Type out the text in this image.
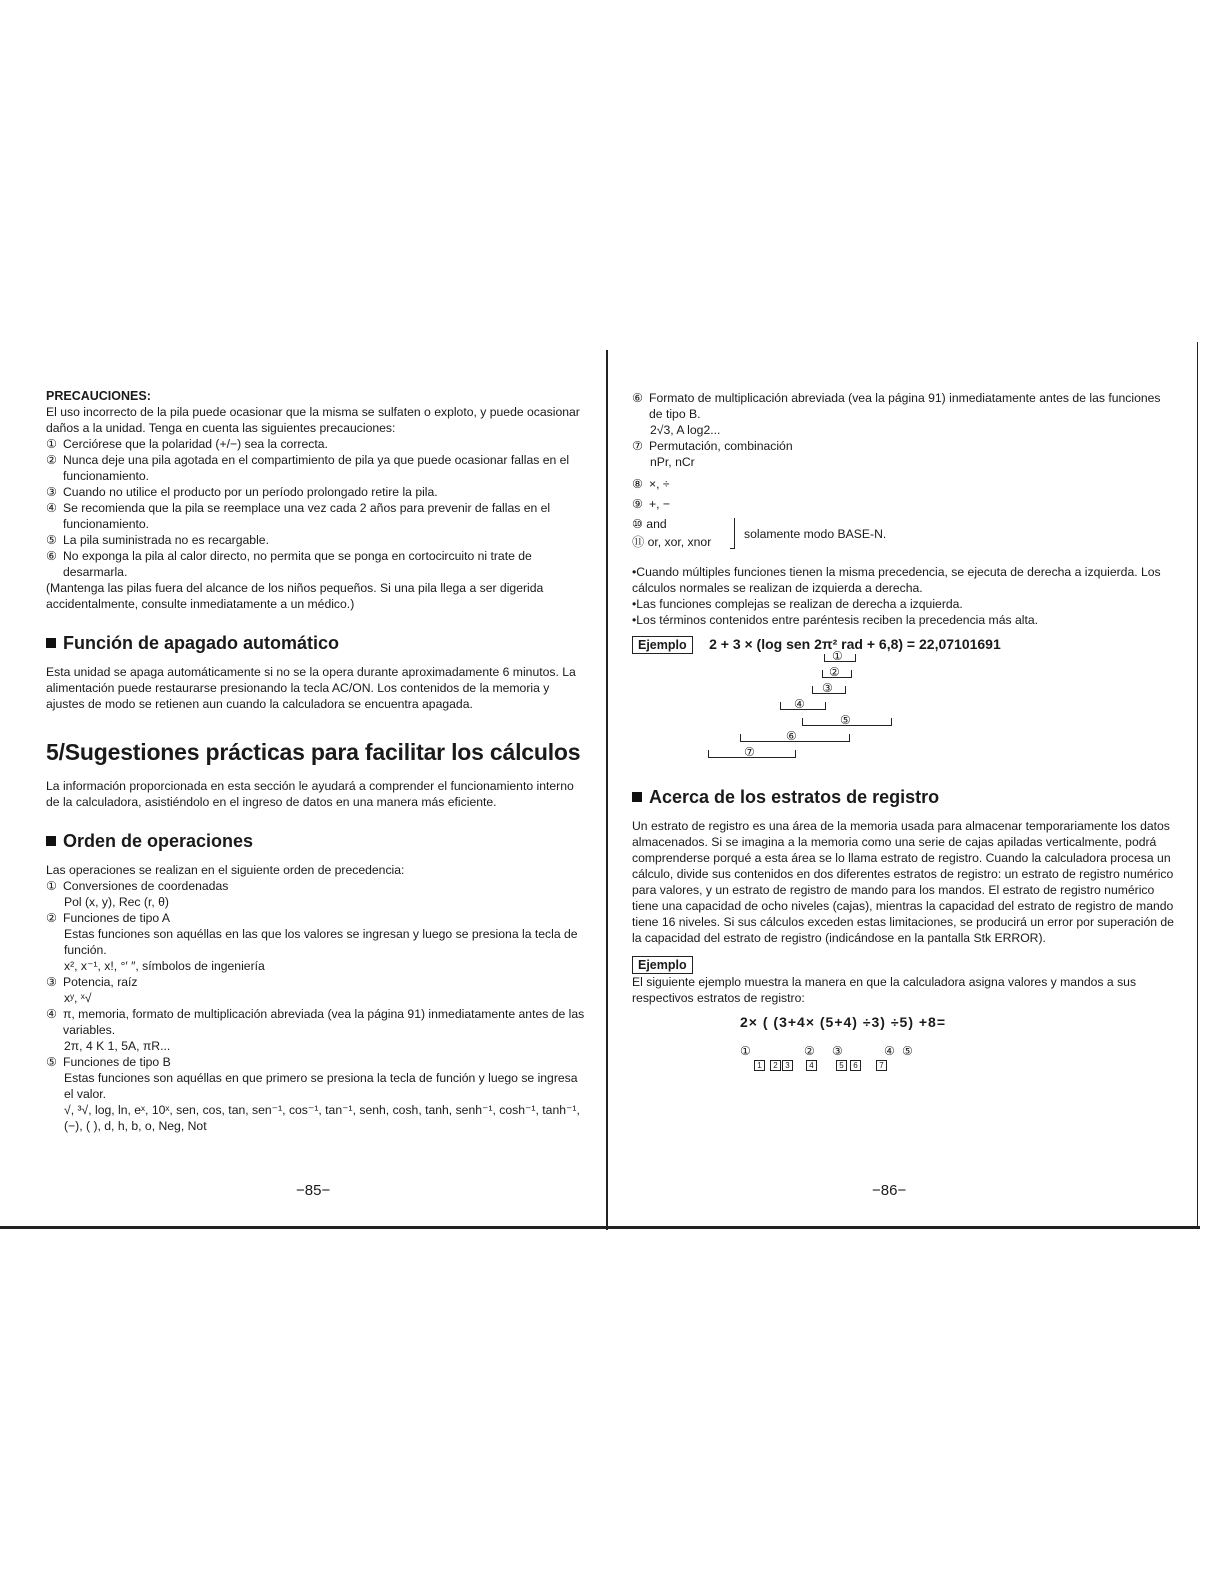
PRECAUCIONES:

El uso incorrecto de la pila puede ocasionar que la misma se sulfaten o exploto, y puede ocasionar daños a la unidad. Tenga en cuenta las siguientes precauciones:

① Cerciórese que la polaridad (+/−) sea la correcta.
② Nunca deje una pila agotada en el compartimiento de pila ya que puede ocasionar fallas en el funcionamiento.
③ Cuando no utilice el producto por un período prolongado retire la pila.
④ Se recomienda que la pila se reemplace una vez cada 2 años para prevenir de fallas en el funcionamiento.
⑤ La pila suministrada no es recargable.
⑥ No exponga la pila al calor directo, no permita que se ponga en cortocircuito ni trate de desarmarla.

(Mantenga las pilas fuera del alcance de los niños pequeños. Si una pila llega a ser digerida accidentalmente, consulte inmediatamente a un médico.)

Función de apagado automático

Esta unidad se apaga automáticamente si no se la opera durante aproximadamente 6 minutos. La alimentación puede restaurarse presionando la tecla AC/ON. Los contenidos de la memoria y ajustes de modo se retienen aun cuando la calculadora se encuentra apagada.

5/Sugestiones prácticas para facilitar los cálculos

La información proporcionada en esta sección le ayudará a comprender el funcionamiento interno de la calculadora, asistiéndolo en el ingreso de datos en una manera más eficiente.

Orden de operaciones

Las operaciones se realizan en el siguiente orden de precedencia:

① Conversiones de coordenadas
Pol (x, y), Rec (r, θ)
② Funciones de tipo A
Estas funciones son aquéllas en las que los valores se ingresan y luego se presiona la tecla de función.
x², x⁻¹, x!, °′ ″, símbolos de ingeniería
③ Potencia, raíz
xʸ, ˣ√
④ π, memoria, formato de multiplicación abreviada (vea la página 91) inmediatamente antes de las variables.
2π, 4 K 1, 5A, πR...
⑤ Funciones de tipo B
Estas funciones son aquéllas en que primero se presiona la tecla de función y luego se ingresa el valor.
√, ³√, log, ln, eˣ, 10ˣ, sen, cos, tan, sen⁻¹, cos⁻¹, tan⁻¹, senh, cosh, tanh, senh⁻¹, cosh⁻¹, tanh⁻¹, (−), ( ), d, h, b, o, Neg, Not
−85−
⑥ Formato de multiplicación abreviada (vea la página 91) inmediatamente antes de las funciones de tipo B.
2√3, A log2...
⑦ Permutación, combinación
nPr, nCr
⑧ ×, ÷
⑨ +, −
⑩ and
⑪ or, xor, xnor
solamente modo BASE-N.

•Cuando múltiples funciones tienen la misma precedencia, se ejecuta de derecha a izquierda. Los cálculos normales se realizan de izquierda a derecha.

•Las funciones complejas se realizan de derecha a izquierda.

•Los términos contenidos entre paréntesis reciben la precedencia más alta.

Ejemplo 2 + 3 × (log sen 2π² rad + 6,8) = 22,07101691
①
②
③
④
⑤
⑥
⑦
Acerca de los estratos de registro

Un estrato de registro es una área de la memoria usada para almacenar temporariamente los datos almacenados. Si se imagina a la memoria como una serie de cajas apiladas verticalmente, podrá comprenderse porqué a esta área se lo llama estrato de registro. Cuando la calculadora procesa un cálculo, divide sus contenidos en dos diferentes estratos de registro: un estrato de registro numérico para valores, y un estrato de registro de mando para los mandos. El estrato de registro numérico tiene una capacidad de ocho niveles (cajas), mientras la capacidad del estrato de registro de mando tiene 16 niveles. Si sus cálculos exceden estas limitaciones, se producirá un error por superación de la capacidad del estrato de registro (indicándose en la pantalla Stk ERROR).

Ejemplo

El siguiente ejemplo muestra la manera en que la calculadora asigna valores y mandos a sus respectivos estratos de registro:

2× ( (3+4× (5+4) ÷3) ÷5) +8=
①	② ③	④ ⑤
1	2 3	4	5	6	7
−86−
